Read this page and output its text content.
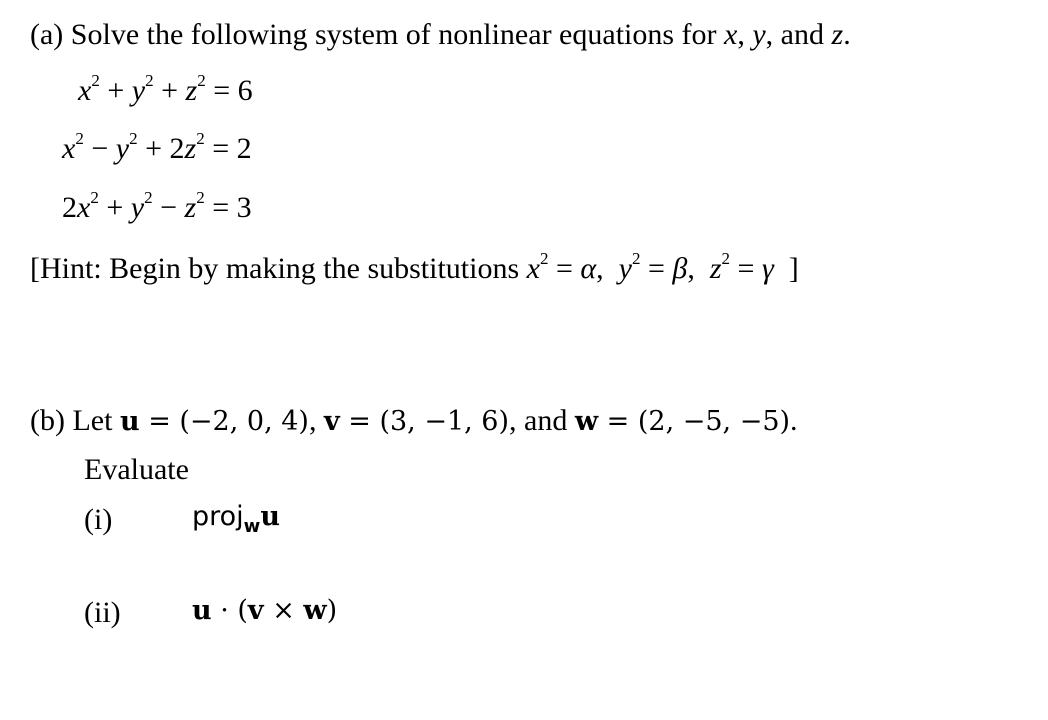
(a) Solve the following system of nonlinear equations for x, y, and z.
$x^2 + y^2 + z^2 = 6$
$x^2 - y^2 + 2z^2 = 2$
$2x^2 + y^2 - z^2 = 3$
[Hint: Begin by making the substitutions $x^2 = \alpha$,  $y^2 = \beta$,  $z^2 = \gamma$  ]
(b) Let u = (−2, 0, 4), v = (3, −1, 6), and w = (2, −5, −5).
Evaluate
(i)	projwu
(ii)	u · (v × w)
